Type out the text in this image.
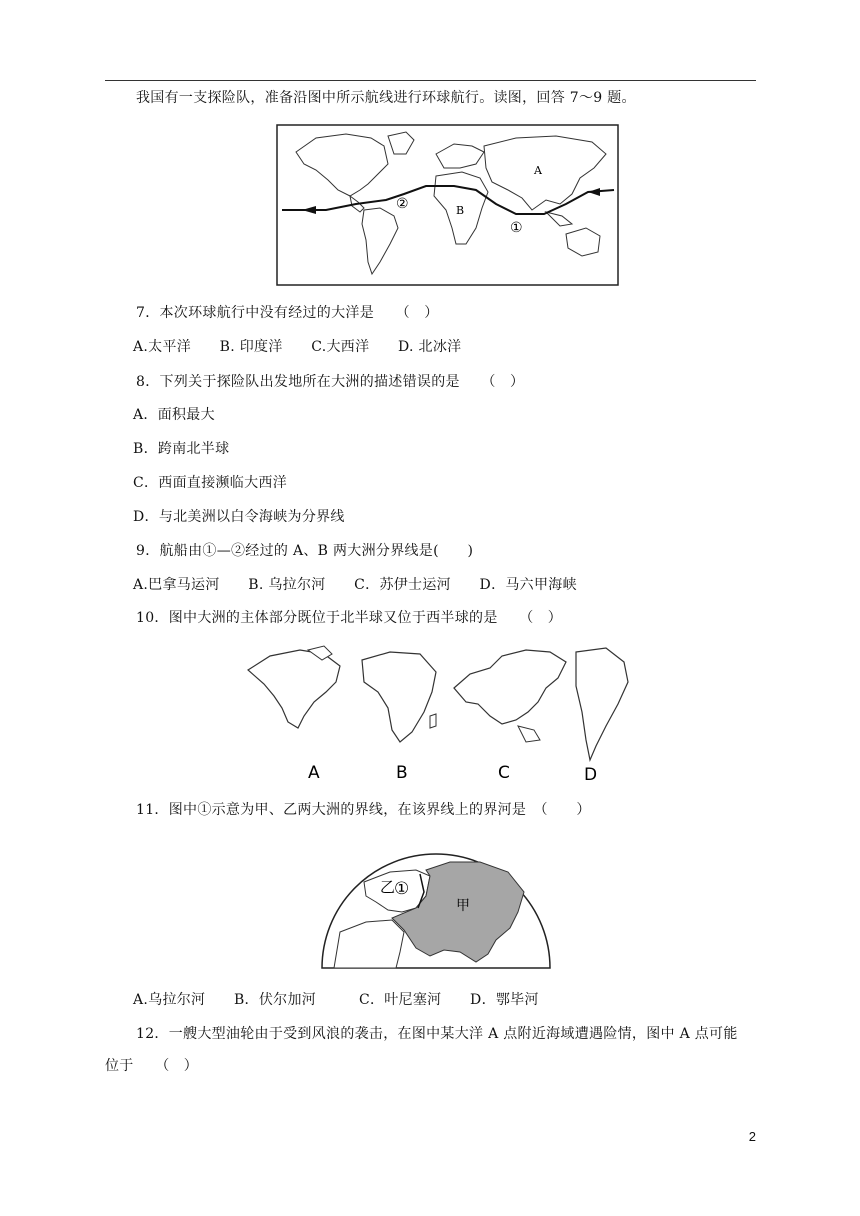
我国有一支探险队，准备沿图中所示航线进行环球航行。读图，回答 7～9 题。
A
B
①
②
7．本次环球航行中没有经过的大洋是　　（　）
A.太平洋　　B. 印度洋　　C.大西洋　　D. 北冰洋
8．下列关于探险队出发地所在大洲的描述错误的是　　（　）
A．面积最大
B．跨南北半球
C．西面直接濒临大西洋
D．与北美洲以白令海峡为分界线
9．航船由①—②经过的 A、B 两大洲分界线是(　　)
A.巴拿马运河　　B. 乌拉尔河　　C．苏伊士运河　　D．马六甲海峡
10．图中大洲的主体部分既位于北半球又位于西半球的是　　（　）
A	B	C	D
11．图中①示意为甲、乙两大洲的界线，在该界线上的界河是　（　　）
乙
①
甲
A.乌拉尔河　　B．伏尔加河　　　C．叶尼塞河　　D．鄂毕河
12．一艘大型油轮由于受到风浪的袭击，在图中某大洋 A 点附近海域遭遇险情，图中 A 点可能
位于　　（　）
2
